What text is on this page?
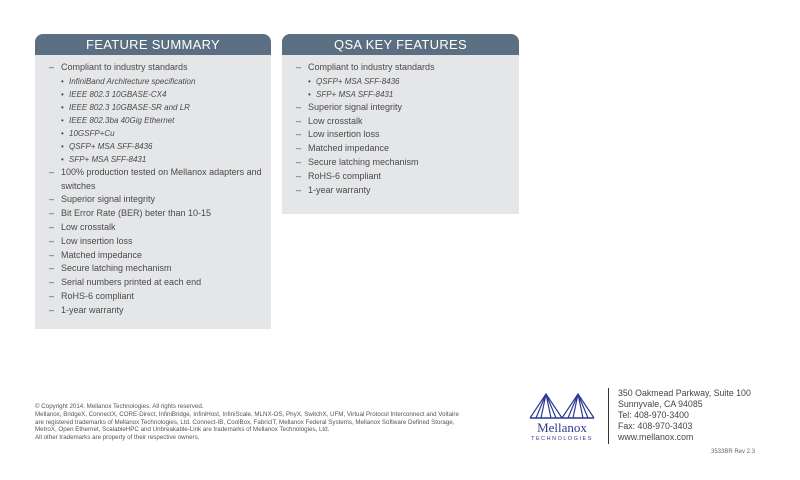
FEATURE SUMMARY
– Compliant to industry standards
• InfiniBand Architecture specification
• IEEE 802.3 10GBASE-CX4
• IEEE 802.3 10GBASE-SR and LR
• IEEE 802.3ba 40Gig Ethernet
• 10GSFP+Cu
• QSFP+ MSA SFF-8436
• SFP+ MSA SFF-8431
– 100% production tested on Mellanox adapters and switches
– Superior signal integrity
– Bit Error Rate (BER) beter than 10-15
– Low crosstalk
– Low insertion loss
– Matched impedance
– Secure latching mechanism
– Serial numbers printed at each end
– RoHS-6 compliant
– 1-year warranty
QSA KEY FEATURES
– Compliant to industry standards
• QSFP+ MSA SFF-8436
• SFP+ MSA SFF-8431
– Superior signal integrity
– Low crosstalk
– Low insertion loss
– Matched impedance
– Secure latching mechanism
– RoHS-6 compliant
– 1-year warranty
© Copyright 2014. Mellanox Technologies. All rights reserved.
Mellanox, BridgeX, ConnectX, CORE-Direct, InfiniBridge, InfiniHost, InfiniScale, MLNX-OS, PhyX, SwitchX, UFM, Virtual Protocol Interconnect and Voltaire
are registered trademarks of Mellanox Technologies, Ltd. Connect-IB, CoolBox, FabricIT, Mellanox Federal Systems, Mellanox Software Defined Storage,
MetroX, Open Ethernet, ScalableHPC and Unbreakable-Link are trademarks of Mellanox Technologies, Ltd.
All other trademarks are property of their respective owners.
Mellanox
TECHNOLOGIES
350 Oakmead Parkway, Suite 100
Sunnyvale, CA 94085
Tel: 408-970-3400
Fax: 408-970-3403
www.mellanox.com
3533BR Rev 2.3
